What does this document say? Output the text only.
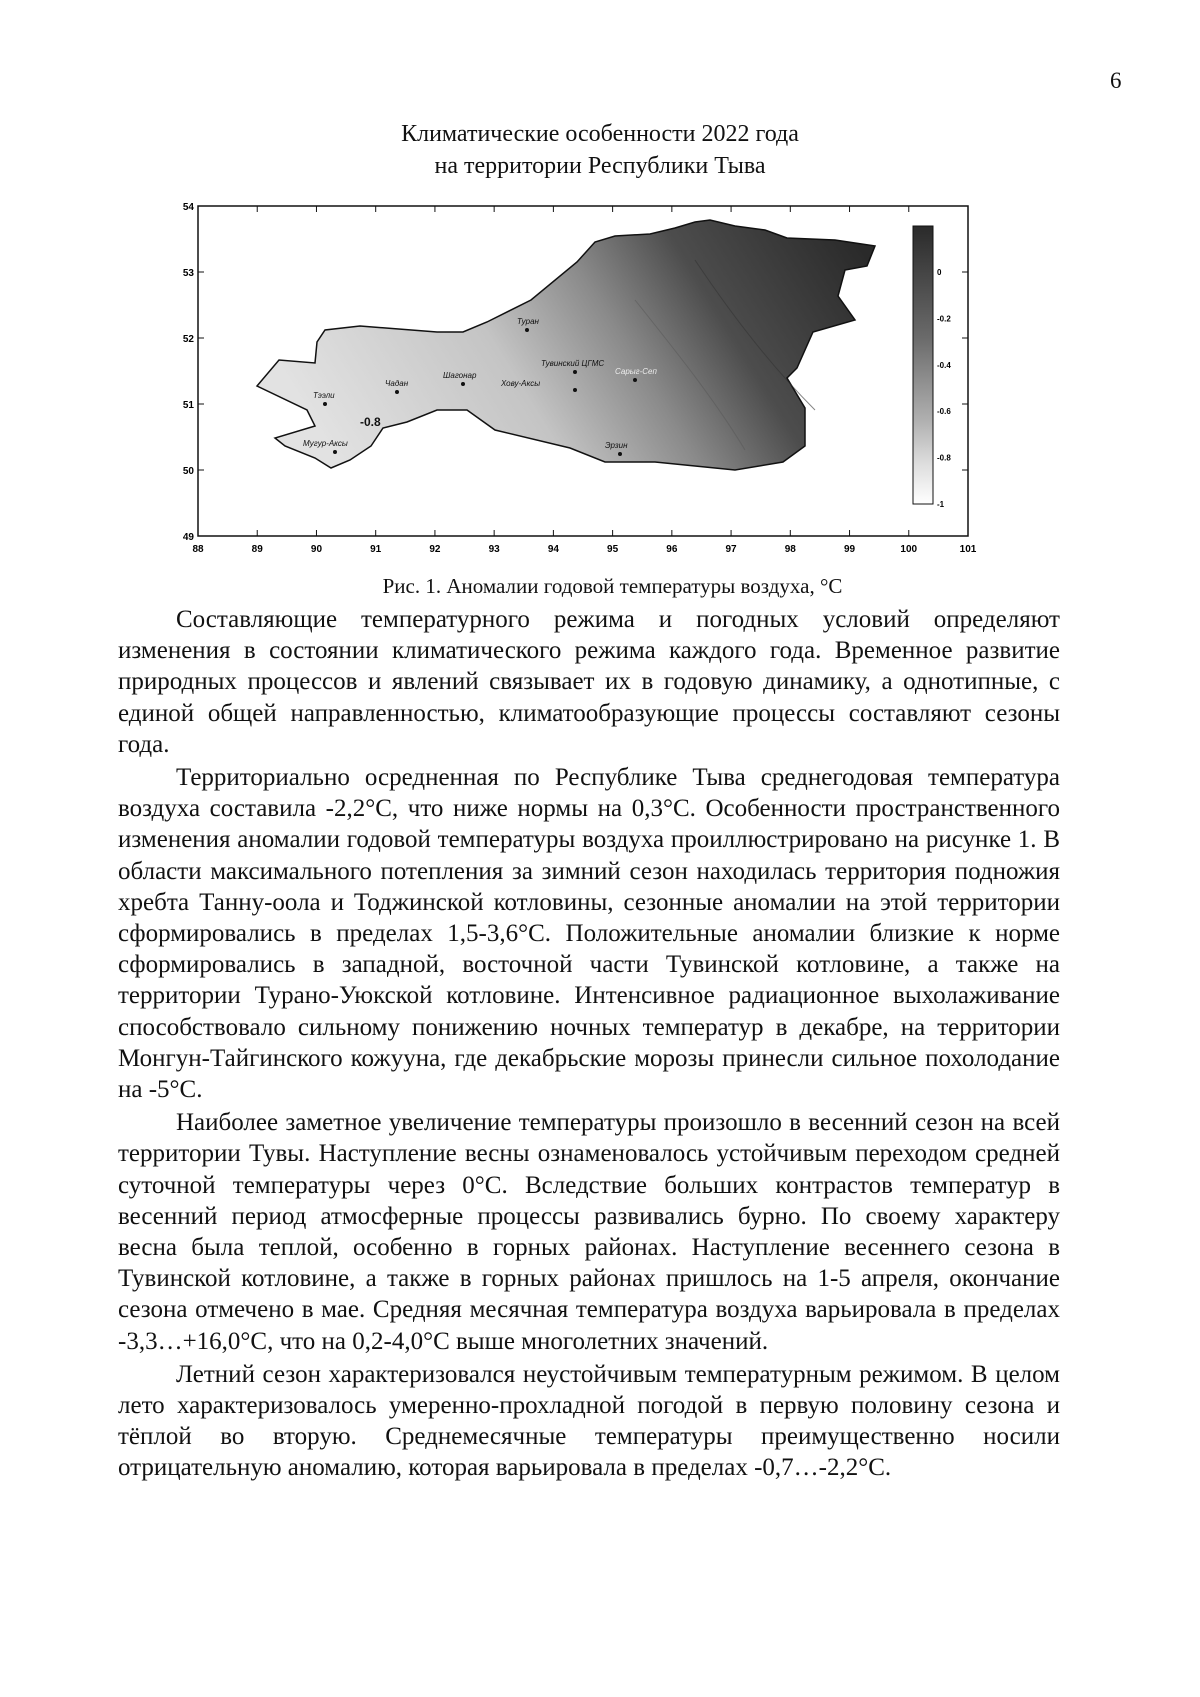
6
Климатические особенности 2022 года
на территории Республики Тыва
-0.8
Тээли
Чадан
Шагонар
Туран
Тувинский ЦГМС
Хову-Аксы
Сарыг-Сеп
Мугур-Аксы	Эрзин
0
-0.2
-0.4
-0.6
-0.8
-1
88	89	90	91	92	93	94	95	96	97	98	99	100	101
49
50
51
52
53
54
Рис. 1. Аномалии годовой температуры воздуха, °С

Составляющие температурного режима и погодных условий определяют изменения в состоянии климатического режима каждого года. Временное развитие природных процессов и явлений связывает их в годовую динамику, а однотипные, с единой общей направленностью, климатообразующие процессы составляют сезоны года.

Территориально осредненная по Республике Тыва среднегодовая температура воздуха составила -2,2°С, что ниже нормы на 0,3°С. Особенности пространственного изменения аномалии годовой температуры воздуха проиллюстрировано на рисунке 1. В области максимального потепления за зимний сезон находилась территория подножия хребта Танну-оола и Тоджинской котловины, сезонные аномалии на этой территории сформировались в пределах 1,5-3,6°С. Положительные аномалии близкие к норме сформировались в западной, восточной части Тувинской котловине, а также на территории Турано-Уюкской котловине. Интенсивное радиационное выхолаживание способствовало сильному понижению ночных температур в декабре, на территории Монгун-Тайгинского кожууна, где декабрьские морозы принесли сильное похолодание на -5°С.

Наиболее заметное увеличение температуры произошло в весенний сезон на всей территории Тувы. Наступление весны ознаменовалось устойчивым переходом средней суточной температуры через 0°С. Вследствие больших контрастов температур в весенний период атмосферные процессы развивались бурно. По своему характеру весна была теплой, особенно в горных районах. Наступление весеннего сезона в Тувинской котловине, а также в горных районах пришлось на 1-5 апреля, окончание сезона отмечено в мае. Средняя месячная температура воздуха варьировала в пределах -3,3…+16,0°С, что на 0,2-4,0°С выше многолетних значений.

Летний сезон характеризовался неустойчивым температурным режимом. В целом лето характеризовалось умеренно-прохладной погодой в первую половину сезона и тёплой во вторую. Среднемесячные температуры преимущественно носили отрицательную аномалию, которая варьировала в пределах -0,7…-2,2°С.
